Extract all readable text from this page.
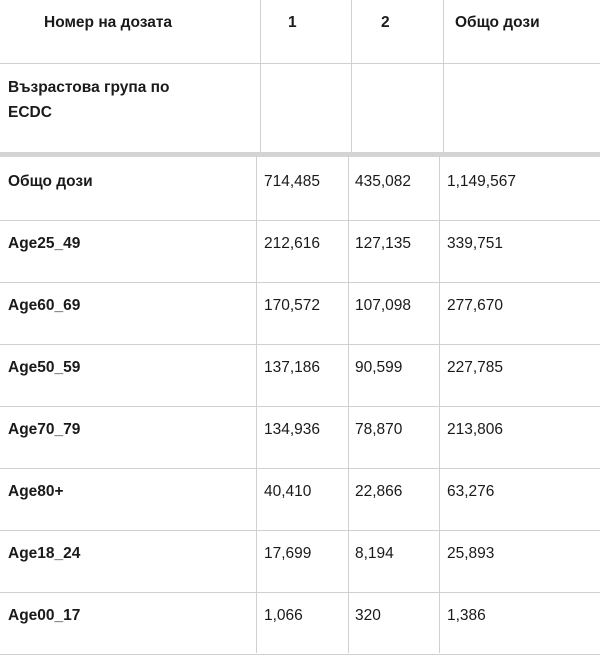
Номер на дозата	1	2	Общо дози
Възрастова група по
ECDC
Общо дози	714,485 435,082 1,149,567
Age25_49	212,616 127,135 339,751
Age60_69	170,572 107,098 277,670
Age50_59	137,186 90,599	227,785
Age70_79	134,936 78,870	213,806
Age80+	40,410	22,866	63,276
Age18_24	17,699	8,194	25,893
Age00_17	1,066	320	1,386
